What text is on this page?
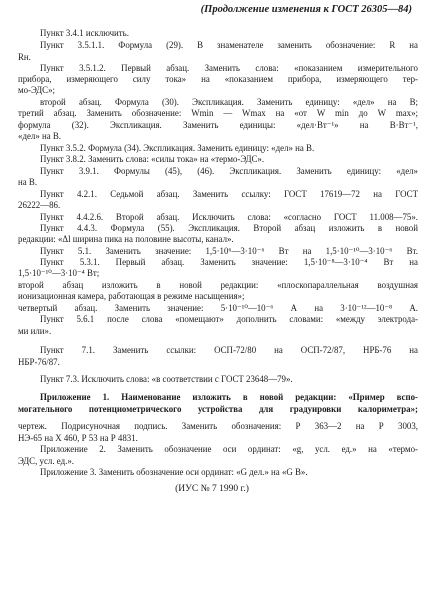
(Продолжение изменения к ГОСТ 26305—84)
Пункт 3.4.1 исключить.
Пункт 3.5.1.1. Формула (29). В знаменателе заменить обозначение: R на
Rн.
Пункт 3.5.1.2. Первый абзац. Заменить слова: «показанием измерительного
прибора, измеряющего силу тока» на «показанием прибора, измеряющего тер-
мо-ЭДС»;
второй абзац. Формула (30). Экспликация. Заменить единицу: «дел» на В;
третий абзац. Заменить обозначение: Wmin — Wmax на «от W min до W max»;
формула (32). Экспликация. Заменить единицы: «дел·Вт⁻¹» на В·Вт⁻¹,
«дел» на В.
Пункт 3.5.2. Формула (34). Экспликация. Заменить единицу: «дел» на В.
Пункт 3.8.2. Заменить слова: «силы тока» на «термо-ЭДС».
Пункт 3.9.1. Формулы (45), (46). Экспликация. Заменить единицу: «дел»
на В.
Пункт 4.2.1. Седьмой абзац. Заменить ссылку: ГОСТ 17619—72 на ГОСТ
26222—86.
Пункт 4.4.2.6. Второй абзац. Исключить слова: «согласно ГОСТ 11.008—75».
Пункт 4.4.3. Формула (55). Экспликация. Второй абзац изложить в новой
редакции: «Δl ширина пика на половине высоты, канал».
Пункт 5.1. Заменить значение: 1,5·10⁶—3·10⁻⁶ Вт на 1,5·10⁻¹⁰—3·10⁻⁶ Вт.
Пункт 5.3.1. Первый абзац. Заменить значение: 1,5·10⁻⁸—3·10⁻⁴ Вт на
1,5·10⁻¹⁰—3·10⁻⁴ Вт;
второй абзац изложить в новой редакции: «плоскопараллельная воздушная
ионизационная камера, работающая в режиме насыщения»;
четвертый абзац. Заменить значение: 5·10⁻¹⁰—10⁻⁶ А на 3·10⁻¹²—10⁻⁸ А.
Пункт 5.6.1 после слова «помещают» дополнить словами: «между электрода-
ми или».
Пункт 7.1. Заменить ссылки: ОСП-72/80 на ОСП-72/87, НРБ-76 на
НБР-76/87.
Пункт 7.3. Исключить слова: «в соответствии с ГОСТ 23648—79».
Приложение 1. Наименование изложить в новой редакции: «Пример вспо-
могательного потенциометрического устройства для градуировки калориметра»;
чертеж. Подрисуночная подпись. Заменить обозначения: Р 363—2 на Р 3003,
НЭ-65 на Х 460, Р 53 на Р 4831.
Приложение 2. Заменить обозначение оси ординат: «g, усл. ед.» на «термо-
ЭДС, усл. ед.».
Приложение 3. Заменить обозначение оси ординат: «G дел.» на «G В».
(ИУС № 7 1990 г.)
